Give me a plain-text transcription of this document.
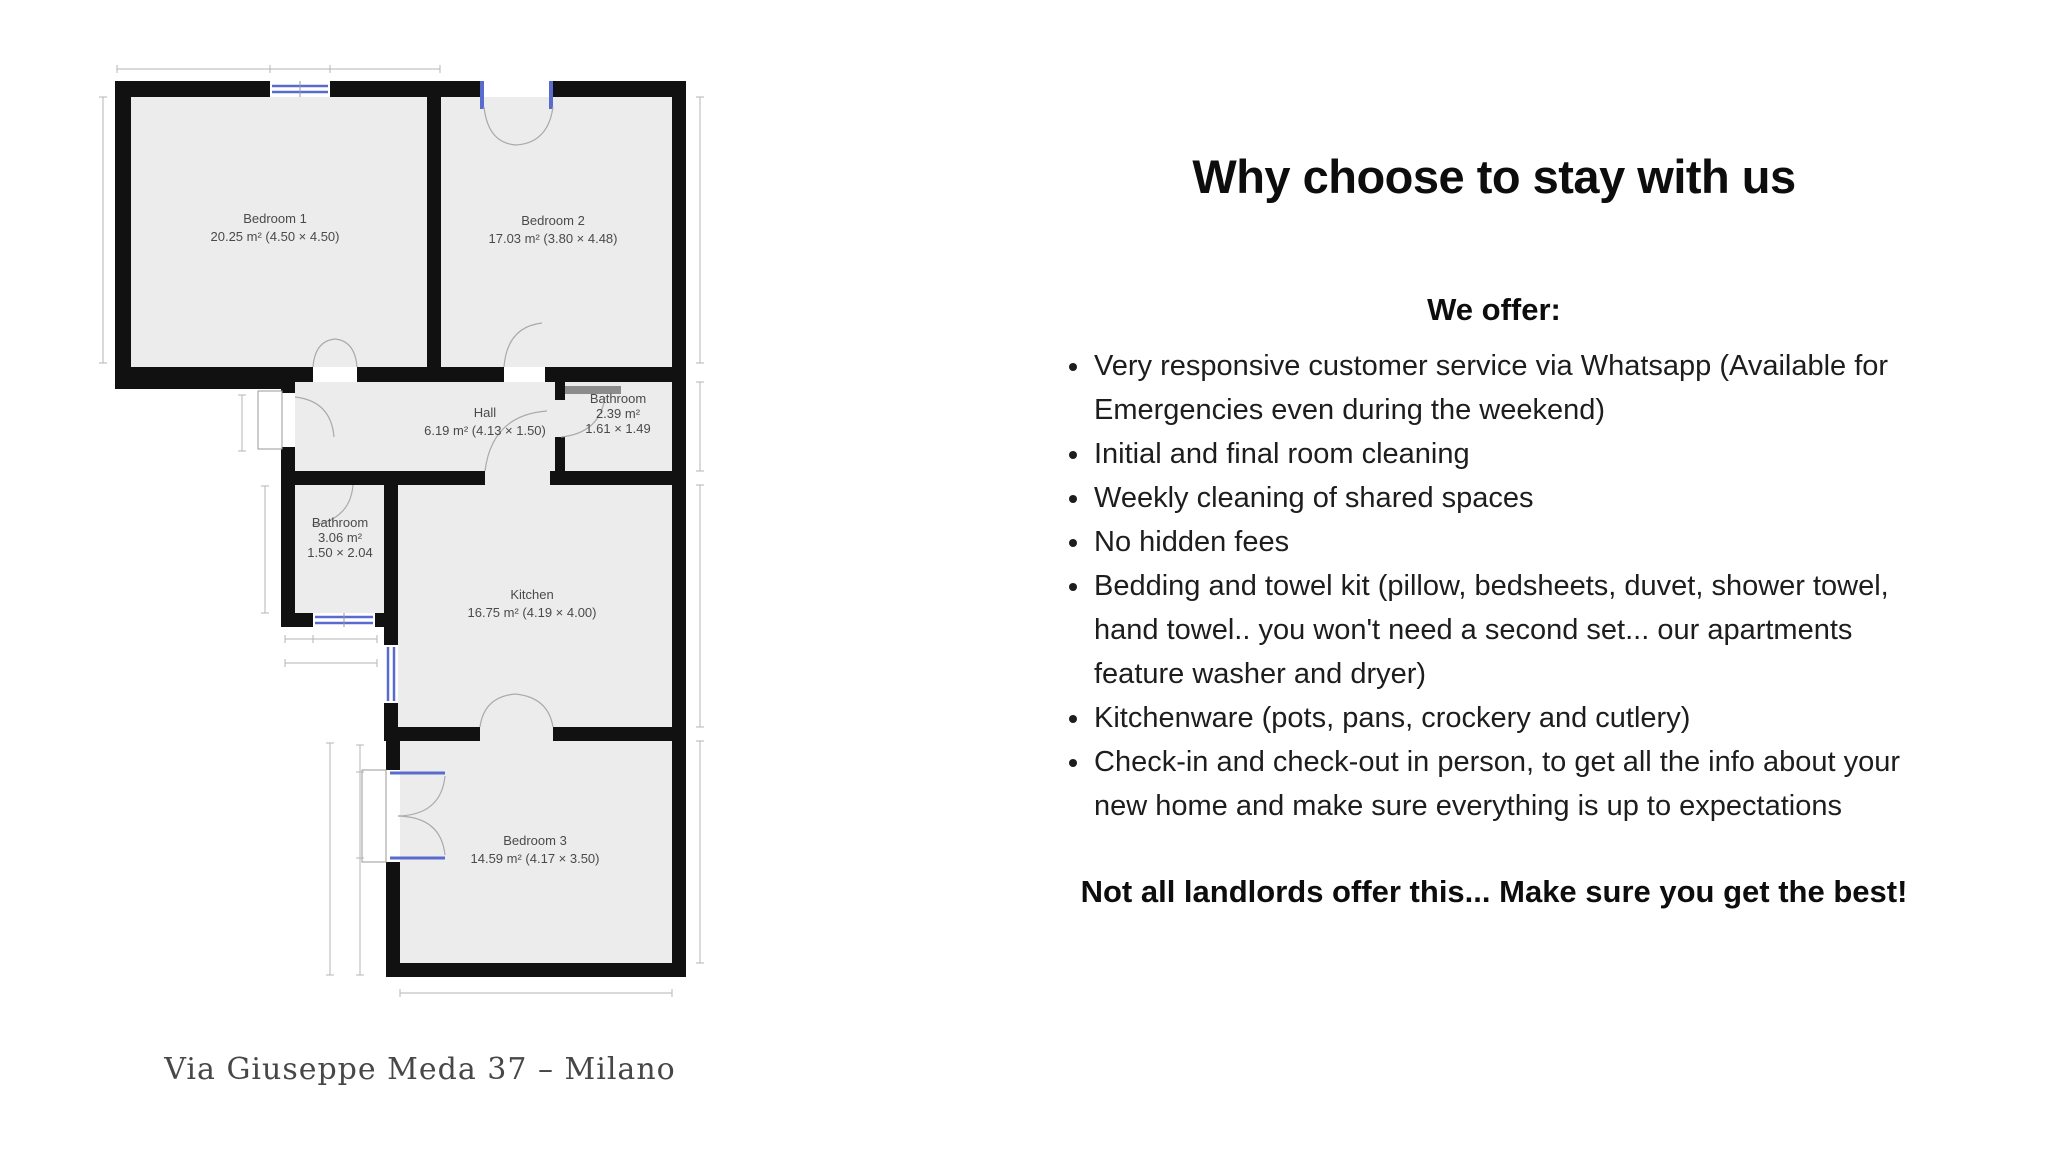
Bedroom 1
20.25 m² (4.50 × 4.50)
Bedroom 2
17.03 m² (3.80 × 4.48)
Hall
6.19 m² (4.13 × 1.50)
Bathroom
2.39 m²
1.61 × 1.49
Bathroom
3.06 m²
1.50 × 2.04
Kitchen
16.75 m² (4.19 × 4.00)
Bedroom 3
14.59 m² (4.17 × 3.50)
Via Giuseppe Meda 37 – Milano
Why choose to stay with us
We offer:
• Very responsive customer service via Whatsapp (Available for Emergencies even during the weekend)
• Initial and final room cleaning
• Weekly cleaning of shared spaces
• No hidden fees
• Bedding and towel kit (pillow, bedsheets, duvet, shower towel, hand towel.. you won't need a second set... our apartments feature washer and dryer)
• Kitchenware (pots, pans, crockery and cutlery)
• Check-in and check-out in person, to get all the info about your new home and make sure everything is up to expectations
Not all landlords offer this... Make sure you get the best!
